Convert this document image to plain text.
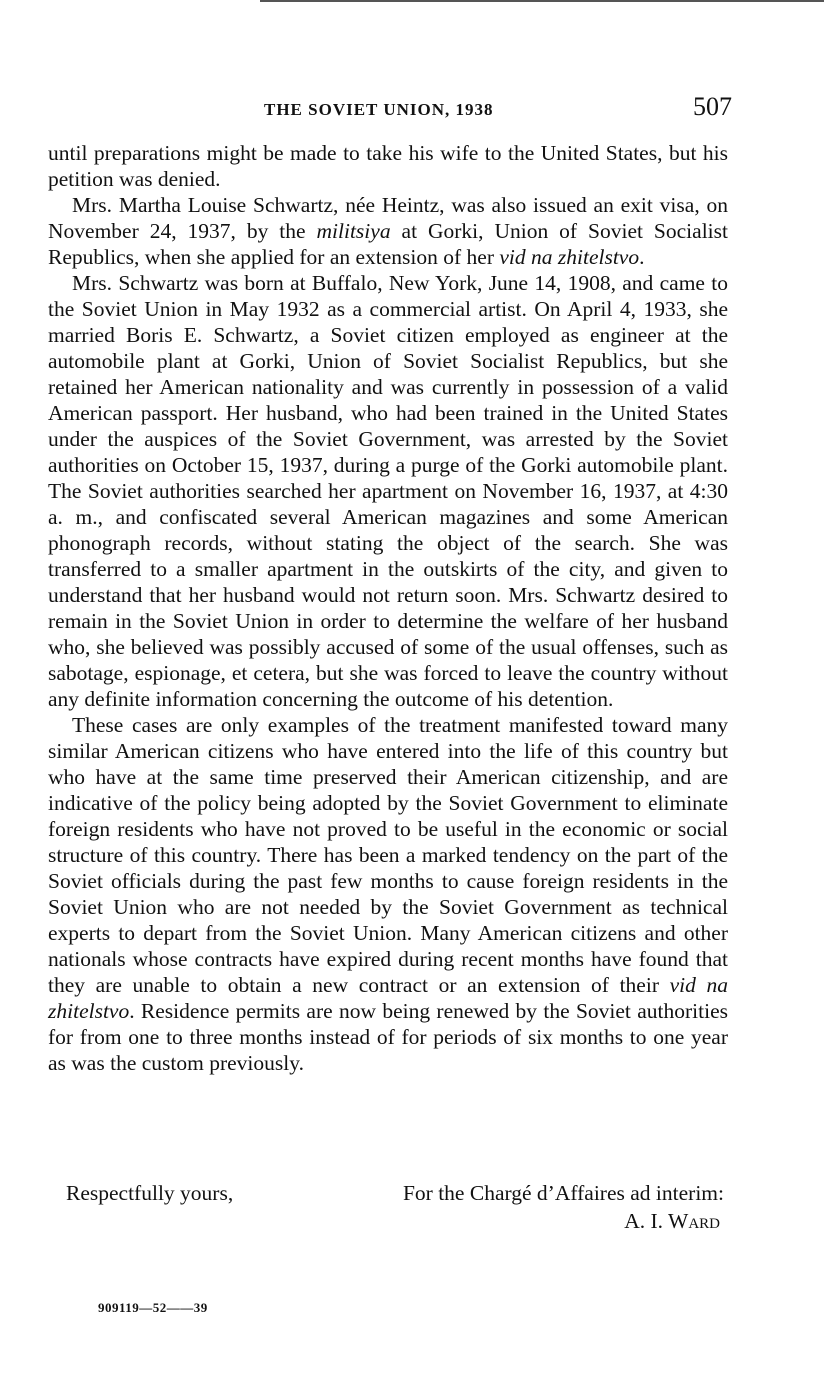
THE SOVIET UNION, 1938	507

until preparations might be made to take his wife to the United States, but his petition was denied.

Mrs. Martha Louise Schwartz, née Heintz, was also issued an exit visa, on November 24, 1937, by the militsiya at Gorki, Union of Soviet Socialist Republics, when she applied for an extension of her vid na zhitelstvo.

Mrs. Schwartz was born at Buffalo, New York, June 14, 1908, and came to the Soviet Union in May 1932 as a commercial artist. On April 4, 1933, she married Boris E. Schwartz, a Soviet citizen employed as engineer at the automobile plant at Gorki, Union of Soviet Socialist Republics, but she retained her American nationality and was currently in possession of a valid American passport. Her husband, who had been trained in the United States under the auspices of the Soviet Government, was arrested by the Soviet authorities on October 15, 1937, during a purge of the Gorki automobile plant. The Soviet authorities searched her apartment on November 16, 1937, at 4:30 a. m., and confiscated several American magazines and some American phonograph records, without stating the object of the search. She was transferred to a smaller apartment in the outskirts of the city, and given to understand that her husband would not return soon. Mrs. Schwartz desired to remain in the Soviet Union in order to determine the welfare of her husband who, she believed was possibly accused of some of the usual offenses, such as sabotage, espionage, et cetera, but she was forced to leave the country without any definite information concerning the outcome of his detention.

These cases are only examples of the treatment manifested toward many similar American citizens who have entered into the life of this country but who have at the same time preserved their American citizenship, and are indicative of the policy being adopted by the Soviet Government to eliminate foreign residents who have not proved to be useful in the economic or social structure of this country. There has been a marked tendency on the part of the Soviet officials during the past few months to cause foreign residents in the Soviet Union who are not needed by the Soviet Government as technical experts to depart from the Soviet Union. Many American citizens and other nationals whose contracts have expired during recent months have found that they are unable to obtain a new contract or an extension of their vid na zhitelstvo. Residence permits are now being renewed by the Soviet authorities for from one to three months instead of for periods of six months to one year as was the custom previously.

Respectfully yours,	For the Chargé d’Affaires ad interim:
A. I. Ward
909119—52——39
